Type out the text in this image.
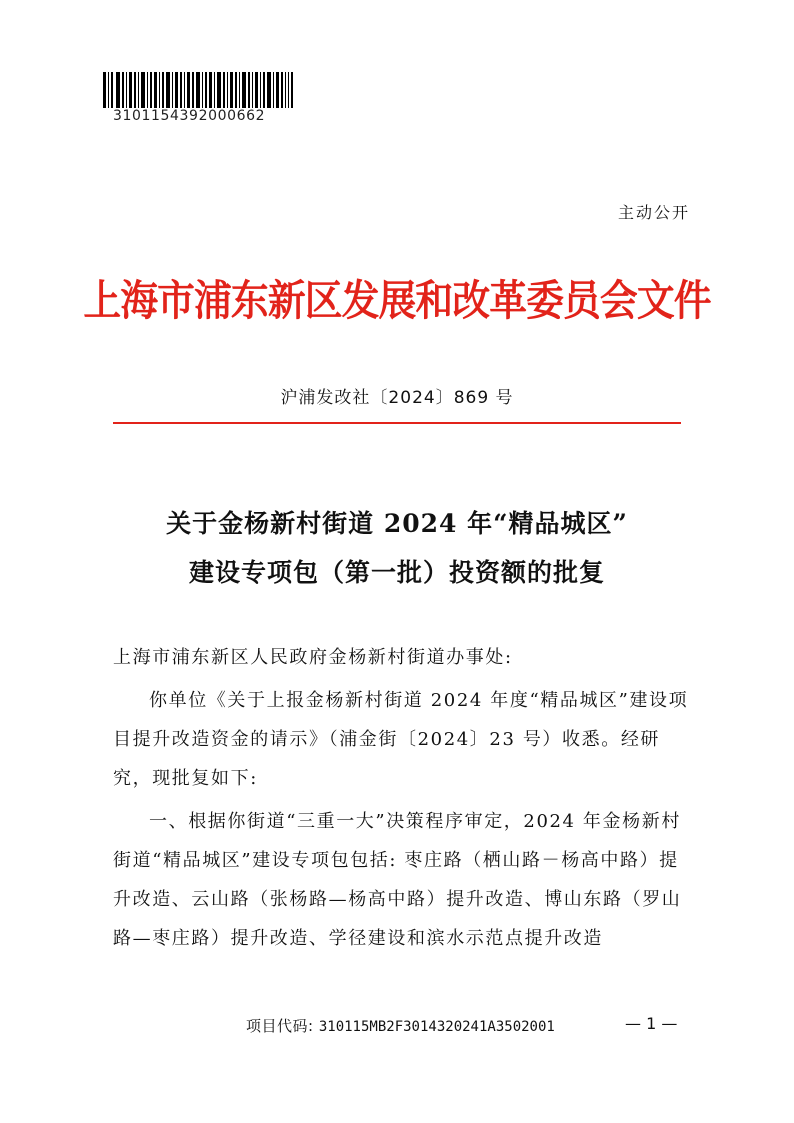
3101154392000662
主动公开
上海市浦东新区发展和改革委员会文件
沪浦发改社〔2024〕869 号
关于金杨新村街道 2024 年“精品城区”
建设专项包（第一批）投资额的批复
上海市浦东新区人民政府金杨新村街道办事处:
你单位《关于上报金杨新村街道 2024 年度“精品城区”建设项目提升改造资金的请示》（浦金街〔2024〕23 号）收悉。经研究，现批复如下:
一、根据你街道“三重一大”决策程序审定，2024 年金杨新村街道“精品城区”建设专项包包括: 枣庄路（栖山路－杨高中路）提升改造、云山路（张杨路—杨高中路）提升改造、博山东路（罗山路—枣庄路）提升改造、学径建设和滨水示范点提升改造
项目代码: 310115MB2F3014320241A3502001	— 1 —
